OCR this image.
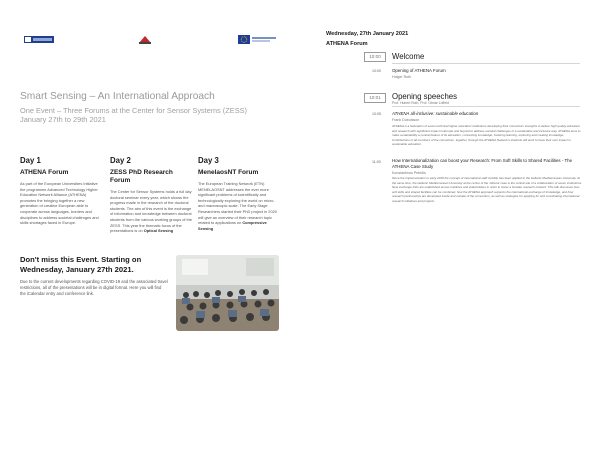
Smart Sensing – An International Approach
One Event – Three Forums at the Center for Sensor Systems (ZESS)
January 27th to 29th 2021
Day 1
ATHENA Forum
As part of the European Universities Initiative the programme Advanced Technology Higher Education Network Alliance (ATHENA) promotes the bringing together a new generation of creative European able to cooperate across languages, borders and disciplines to address societal challenges and skills shortages faced in Europe.
Day 2
ZESS PhD Research Forum
The Center for Sensor Systems holds a full day doctoral seminar every year, which shows the progress made in the research of the doctoral students. The aim of this event is the exchange of information and knowledge between doctoral students from the various working groups of the ZESS. This year the thematic focus of the presentations is on Optical Sensing
Day 3
MenelaosNT Forum
The European Training Network (ETN) MENELAOSNT addresses the ever more significant problems of scientifically and technologically exploring the world on micro- and macroscopic scale. The Early Stage Researchers started their PhD project in 2020 will give an overview of their research topic related to applications on Compressive Sensing
Don't miss this Event. Starting on Wednesday, January 27th 2021.
Due to the current developments regarding COVID-19 and the associated travel restrictions, all of the presentations will be in digital format. Here you will find the iCalendar entry and conference link.
Wednesday, 27th January 2021
ATHENA Forum
10:00	Welcome
10:00	Opening of ATHENA Forum
Holger Roth
10:01	Opening speeches
Prof. Hubert Roth, Prof. Otmar Loffeld
10:05	ATHENA all-inclusive: sustainable education
Frank Dubuisson
ATHENA is a federation of seven technical higher education institutions developing their consortium strengths to deliver high quality education and research with significant impact in Europe and beyond to address societal challenges in a sustainable and inclusive way. ATHENA aims to make sustainability a central feature of its education, connecting knowledge, fostering learning, exploring and creating knowledge. Contributions of all members of the consortium, together, through the ATHENA Network's students will work to have their own impact in sustainable education.
11:00	How Internationalization can boost your Research: From Soft Skills to Shared Facilities - The ATHENA Case Study
Konstantinos Petridis
Since the implementation in early 2018 the concept of international staff mobility has been applied to the Hellenic Mediterranean University. At the same time, the Hellenic Mediterranean University at the centre of the 'Athena' case is the central site of a collaboration of seven institutions. New exchange links are established across institutes and stakeholders in order to foster a broader research network. This talk discusses how soft skills and shared facilities can be combined, how the ATHENA approach supports the international exchange of knowledge, and how research partnerships are developed inside and outside of the consortium, as well as strategies for applying for and coordinating international research initiatives and projects.
